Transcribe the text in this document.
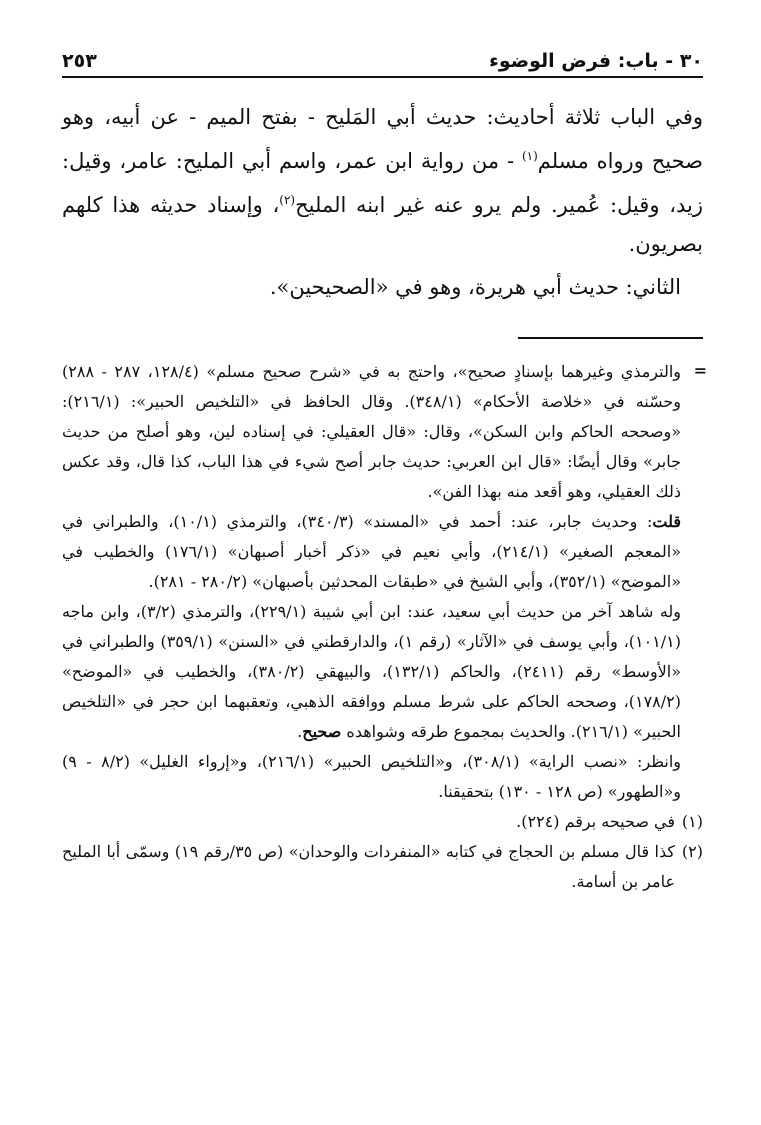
٣٠ - باب: فرض الوضوء
٢٥٣

وفي الباب ثلاثة أحاديث: حديث أبي المَليح - بفتح الميم - عن أبيه، وهو صحيح ورواه مسلم$^{(١)}$ - من رواية ابن عمر، واسم أبي المليح: عامر، وقيل: زيد، وقيل: عُمير. ولم يرو عنه غير ابنه المليح$^{(٢)}$، وإسناد حديثه هذا كلهم بصريون.

الثاني: حديث أبي هريرة، وهو في «الصحيحين».

=

والترمذي وغيرهما بإسنادٍ صحيح»، واحتج به في «شرح صحيح مسلم» (١٢٨/٤، ٢٨٧ - ٢٨٨) وحسّنه في «خلاصة الأحكام» (٣٤٨/١). وقال الحافظ في «التلخيص الحبير»: (٢١٦/١): «وصححه الحاكم وابن السكن»، وقال: «قال العقيلي: في إسناده لين، وهو أصلح من حديث جابر» وقال أيضًا: «قال ابن العربي: حديث جابر أصح شيء في هذا الباب، كذا قال، وقد عكس ذلك العقيلي، وهو أقعد منه بهذا الفن».

قلت: وحديث جابر، عند: أحمد في «المسند» (٣٤٠/٣)، والترمذي (١٠/١)، والطبراني في «المعجم الصغير» (٢١٤/١)، وأبي نعيم في «ذكر أخبار أصبهان» (١٧٦/١) والخطيب في «الموضح» (٣٥٢/١)، وأبي الشيخ في «طبقات المحدثين بأصبهان» (٢٨٠/٢ - ٢٨١).

وله شاهد آخر من حديث أبي سعيد، عند: ابن أبي شيبة (٢٢٩/١)، والترمذي (٣/٢)، وابن ماجه (١٠١/١)، وأبي يوسف في «الآثار» (رقم ١)، والدارقطني في «السنن» (٣٥٩/١) والطبراني في «الأوسط» رقم (٢٤١١)، والحاكم (١٣٢/١)، والبيهقي (٣٨٠/٢)، والخطيب في «الموضح» (١٧٨/٢)، وصححه الحاكم على شرط مسلم ووافقه الذهبي، وتعقبهما ابن حجر في «التلخيص الحبير» (٢١٦/١). والحديث بمجموع طرقه وشواهده صحيح.

وانظر: «نصب الراية» (٣٠٨/١)، و«التلخيص الحبير» (٢١٦/١)، و«إرواء الغليل» (٨/٢ - ٩) و«الطهور» (ص ١٢٨ - ١٣٠) بتحقيقنا.

(١)
في صحيحه برقم (٢٢٤).
(٢)
كذا قال مسلم بن الحجاج في كتابه «المنفردات والوحدان» (ص ٣٥/رقم ١٩) وسمّى أبا المليح عامر بن أسامة.
